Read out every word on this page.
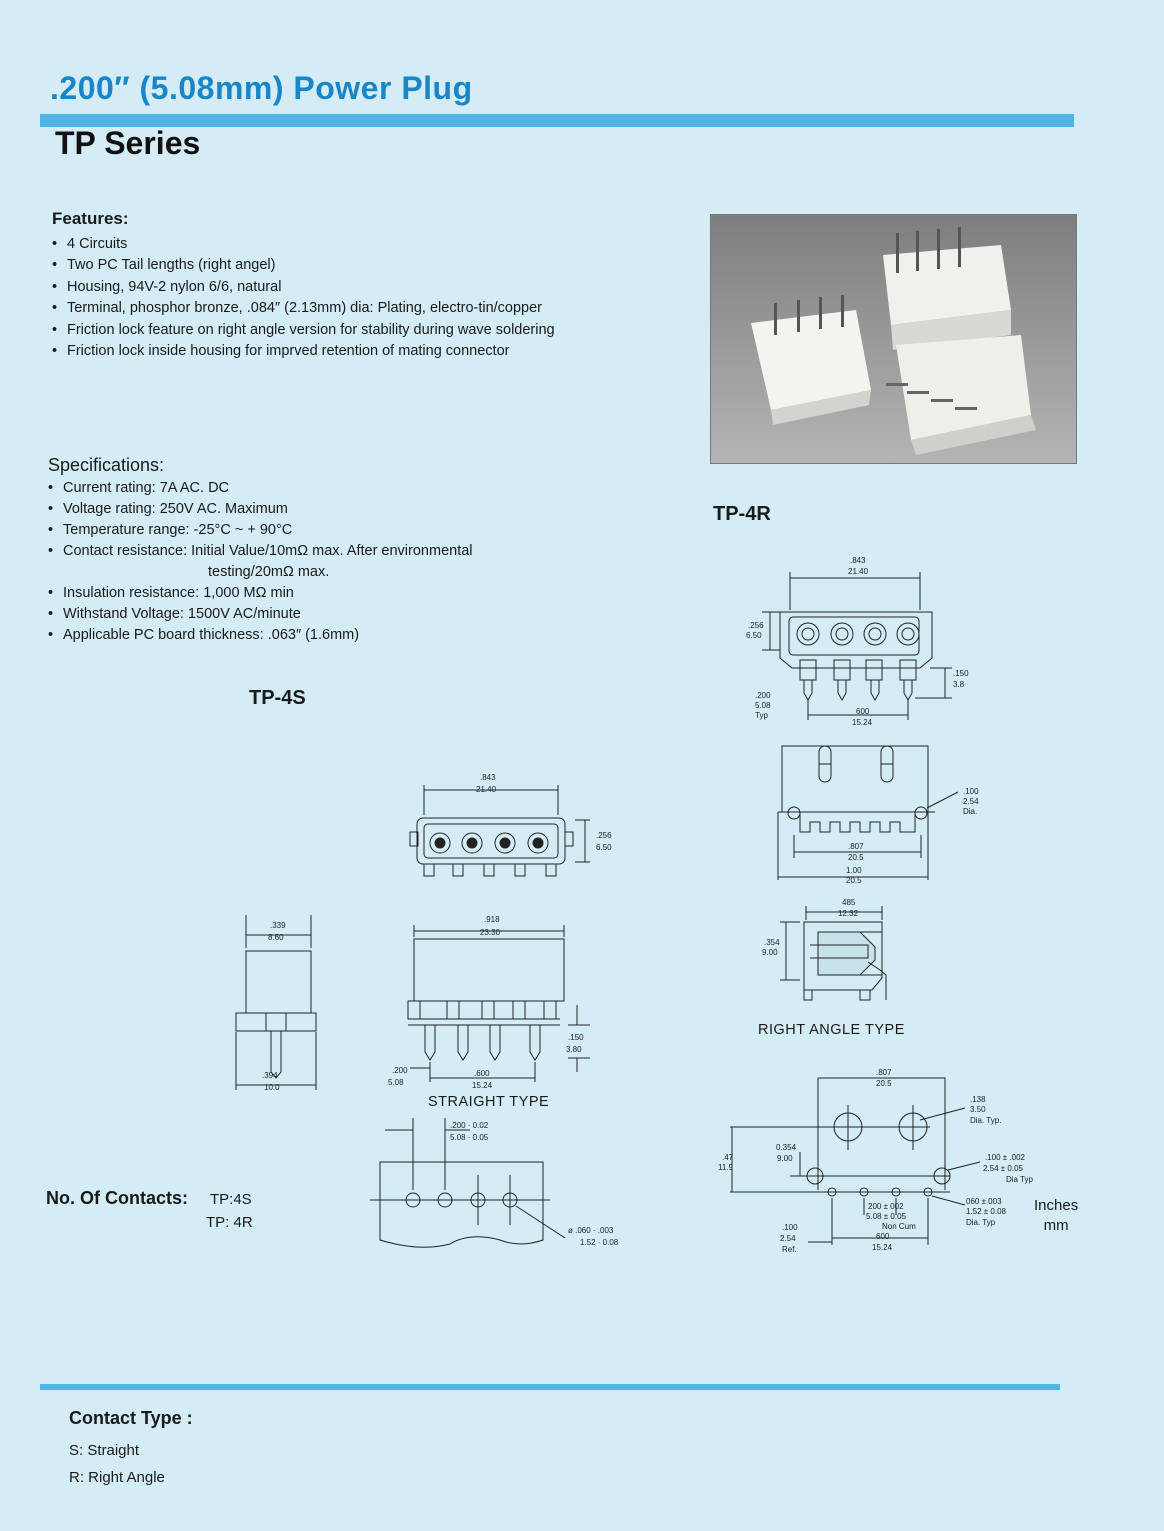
.200″ (5.08mm) Power Plug
TP Series
Features:
• 4 Circuits
• Two PC Tail lengths (right angel)
• Housing, 94V-2 nylon 6/6, natural
• Terminal, phosphor bronze, .084″ (2.13mm) dia: Plating, electro-tin/copper
• Friction lock feature on right angle version for stability during wave soldering
• Friction lock inside housing for imprved retention of mating connector
Specifications:
• Current rating: 7A AC. DC
• Voltage rating: 250V AC. Maximum
• Temperature range: -25°C ~ + 90°C
• Contact resistance: Initial Value/10mΩ max. After environmental
testing/20mΩ max.
• Insulation resistance: 1,000 MΩ min
• Withstand Voltage: 1500V AC/minute
• Applicable PC board thickness: .063″ (1.6mm)
TP-4R
TP-4S
STRAIGHT TYPE
RIGHT ANGLE TYPE
.843
21.40
.256
6.50
.339
8.60
.394
10.0
.918
23.30
.150
3.80
.200
5.08
.600
15.24
.200 · 0.02
5.08 · 0.05
ø .060 · .003
1.52 · 0.08
.843
21.40
.256
6.50
.150
3.8
.200
5.08
Typ	600
15.24
.100
2.54
Dia.
.807
20.5
1.00
20.5
485
12.32
.354
9.00
.807
20.5
.138
3.50
Dia. Typ.
.47
11.9
0.354
9.00	.100 ± .002
2.54 ± 0.05
Dia Typ
060 ± 003
1.52 ± 0.08
Dia. Typ
200 ± 002
5.08 ± 0.05
Non Cum
.100
2.54
Ref.
600
15.24
No. Of Contacts: TP:4S
TP: 4R
Inches
mm
Contact Type :
S: Straight
R: Right Angle
